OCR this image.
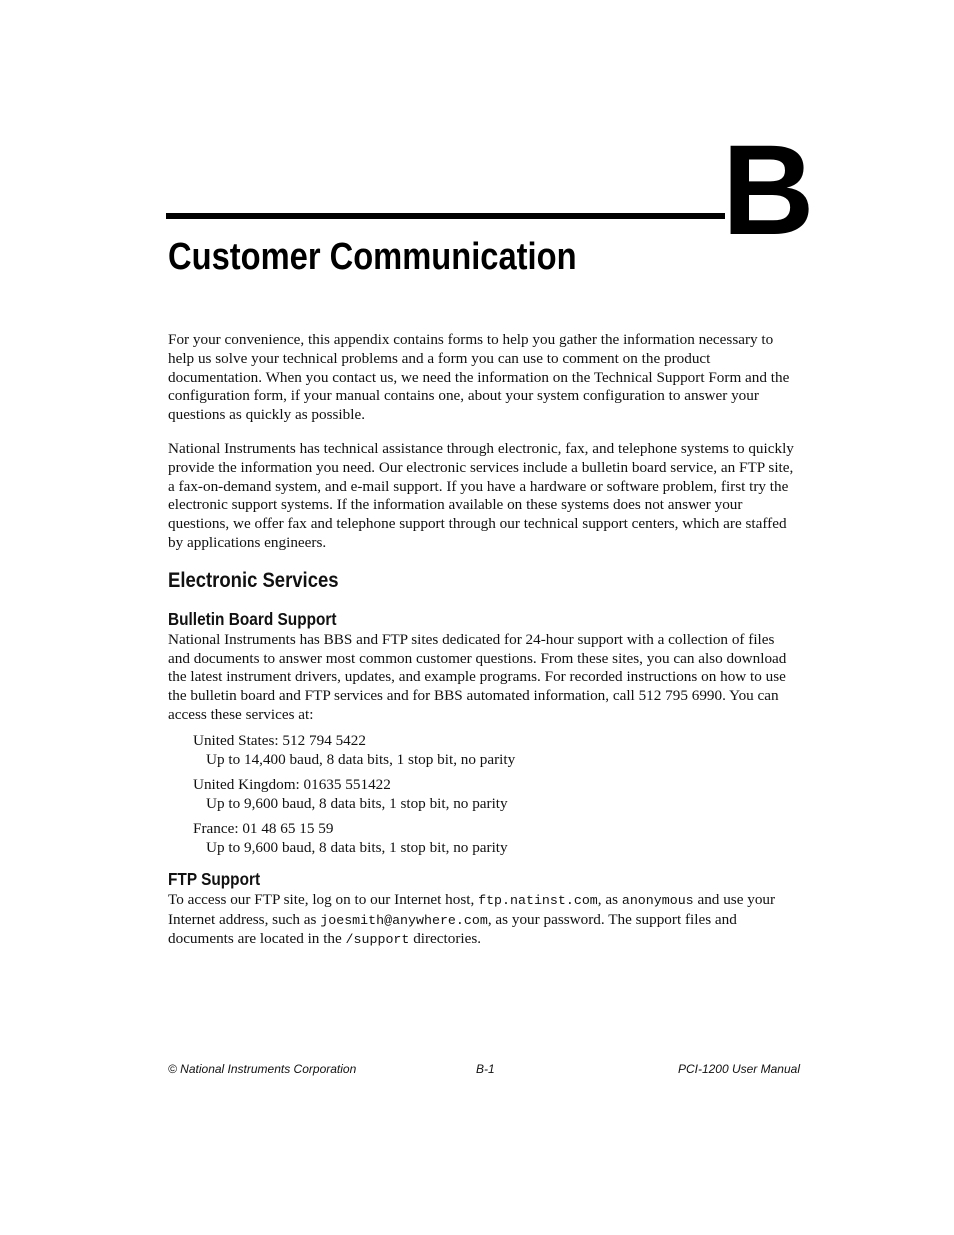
B
Customer Communication

For your convenience, this appendix contains forms to help you gather the information necessary to help us solve your technical problems and a form you can use to comment on the product documentation. When you contact us, we need the information on the Technical Support Form and the configuration form, if your manual contains one, about your system configuration to answer your questions as quickly as possible.

National Instruments has technical assistance through electronic, fax, and telephone systems to quickly provide the information you need. Our electronic services include a bulletin board service, an FTP site, a fax-on-demand system, and e-mail support. If you have a hardware or software problem, first try the electronic support systems. If the information available on these systems does not answer your questions, we offer fax and telephone support through our technical support centers, which are staffed by applications engineers.

Electronic Services
Bulletin Board Support

National Instruments has BBS and FTP sites dedicated for 24-hour support with a collection of files and documents to answer most common customer questions. From these sites, you can also download the latest instrument drivers, updates, and example programs. For recorded instructions on how to use the bulletin board and FTP services and for BBS automated information, call 512 795 6990. You can access these services at:

United States: 512 794 5422
Up to 14,400 baud, 8 data bits, 1 stop bit, no parity
United Kingdom: 01635 551422
Up to 9,600 baud, 8 data bits, 1 stop bit, no parity
France: 01 48 65 15 59
Up to 9,600 baud, 8 data bits, 1 stop bit, no parity
FTP Support

To access our FTP site, log on to our Internet host, ftp.natinst.com, as anonymous and use your Internet address, such as joesmith@anywhere.com, as your password. The support files and documents are located in the /support directories.

© National Instruments Corporation	B-1	PCI-1200 User Manual
